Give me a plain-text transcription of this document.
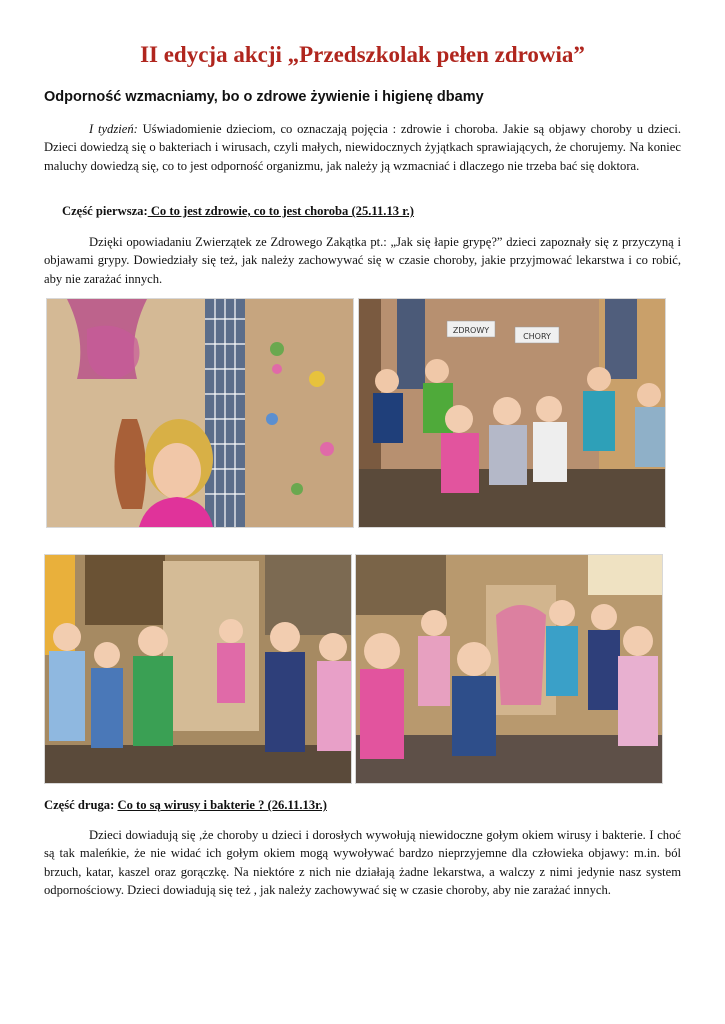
II edycja akcji „Przedszkolak pełen zdrowia”
Odporność wzmacniamy, bo o zdrowe żywienie i higienę dbamy

I tydzień: Uświadomienie dzieciom, co oznaczają pojęcia : zdrowie i choroba. Jakie są objawy choroby u dzieci. Dzieci dowiedzą się o bakteriach i wirusach, czyli małych, niewidocznych żyjątkach sprawiających, że chorujemy. Na koniec maluchy dowiedzą się, co to jest odporność organizmu, jak należy ją wzmacniać i dlaczego nie trzeba bać się doktora.

Część pierwsza: Co to jest zdrowie, co to jest choroba (25.11.13 r.)

Dzięki opowiadaniu Zwierzątek ze Zdrowego Zakątka pt.: „Jak się łapie grypę?” dzieci zapoznały się z przyczyną i objawami grypy. Dowiedziały się też, jak należy zachowywać się w czasie choroby, jakie przyjmować lekarstwa i co robić, aby nie zarażać innych.

ZDROWY
CHORY

Część druga: Co to są wirusy i bakterie ? (26.11.13r.)

Dzieci dowiadują się ,że choroby u dzieci i dorosłych wywołują niewidoczne gołym okiem wirusy i bakterie. I choć są tak maleńkie, że nie widać ich gołym okiem mogą wywoływać bardzo nieprzyjemne dla człowieka objawy: m.in. ból brzuch, katar, kaszel oraz gorączkę. Na niektóre z nich nie działają żadne lekarstwa, a walczy z nimi jedynie nasz system odpornościowy. Dzieci dowiadują się też , jak należy zachowywać się w czasie choroby, aby nie zarażać innych.
